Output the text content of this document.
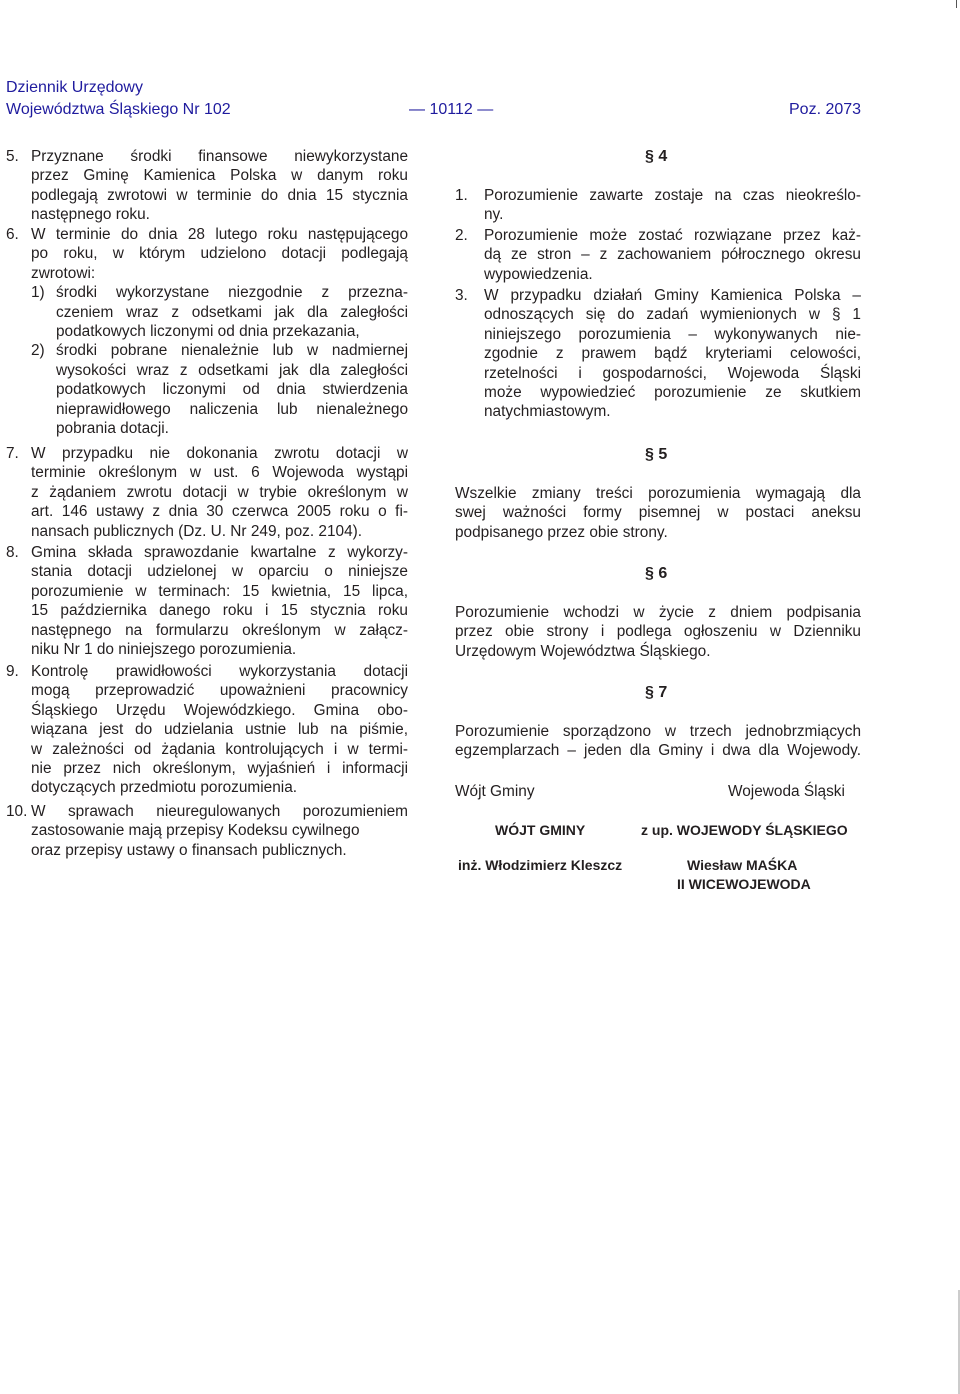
Dziennik Urzędowy
Województwa Śląskiego Nr 102	— 10112 —	Poz. 2073
5. Przyznane środki finansowe niewykorzystane
przez Gminę Kamienica Polska w danym roku
podlegają zwrotowi w terminie do dnia 15 stycznia
następnego roku.
6. W terminie do dnia 28 lutego roku następującego
po roku, w którym udzielono dotacji podlegają
zwrotowi:
1) środki wykorzystane niezgodnie z przezna-
czeniem wraz z odsetkami jak dla zaległości
podatkowych liczonymi od dnia przekazania,
2) środki pobrane nienależnie lub w nadmiernej
wysokości wraz z odsetkami jak dla zaległości
podatkowych liczonymi od dnia stwierdzenia
nieprawidłowego naliczenia lub nienależnego
pobrania dotacji.
7. W przypadku nie dokonania zwrotu dotacji w
terminie określonym w ust. 6 Wojewoda wystąpi
z żądaniem zwrotu dotacji w trybie określonym w
art. 146 ustawy z dnia 30 czerwca 2005 roku o fi-
nansach publicznych (Dz. U. Nr 249, poz. 2104).
8. Gmina składa sprawozdanie kwartalne z wykorzy-
stania dotacji udzielonej w oparciu o niniejsze
porozumienie w terminach: 15 kwietnia, 15 lipca,
15 października danego roku i 15 stycznia roku
następnego na formularzu określonym w załącz-
niku Nr 1 do niniejszego porozumienia.
9. Kontrolę prawidłowości wykorzystania dotacji
mogą przeprowadzić upoważnieni pracownicy
Śląskiego Urzędu Wojewódzkiego. Gmina obo-
wiązana jest do udzielania ustnie lub na piśmie,
w zależności od żądania kontrolujących i w termi-
nie przez nich określonym, wyjaśnień i informacji
dotyczących przedmiotu porozumienia.
10. W sprawach nieuregulowanych porozumieniem
zastosowanie mają przepisy Kodeksu cywilnego
oraz przepisy ustawy o finansach publicznych.
§ 4
1. Porozumienie zawarte zostaje na czas nieokreślo-
ny.
2. Porozumienie może zostać rozwiązane przez każ-
dą ze stron – z zachowaniem półrocznego okresu
wypowiedzenia.
3. W przypadku działań Gminy Kamienica Polska –
odnoszących się do zadań wymienionych w § 1
niniejszego porozumienia – wykonywanych nie-
zgodnie z prawem bądź kryteriami celowości,
rzetelności i gospodarności, Wojewoda Śląski
może wypowiedzieć porozumienie ze skutkiem
natychmiastowym.
§ 5
Wszelkie zmiany treści porozumienia wymagają dla
swej ważności formy pisemnej w postaci aneksu
podpisanego przez obie strony.
§ 6
Porozumienie wchodzi w życie z dniem podpisania
przez obie strony i podlega ogłoszeniu w Dzienniku
Urzędowym Województwa Śląskiego.
§ 7
Porozumienie sporządzono w trzech jednobrzmiących
egzemplarzach – jeden dla Gminy i dwa dla Wojewody.
Wójt Gminy	Wojewoda Śląski
WÓJT GMINY	z up. WOJEWODY ŚLĄSKIEGO
inż. Włodzimierz Kleszcz	Wiesław MAŚKA
II WICEWOJEWODA
